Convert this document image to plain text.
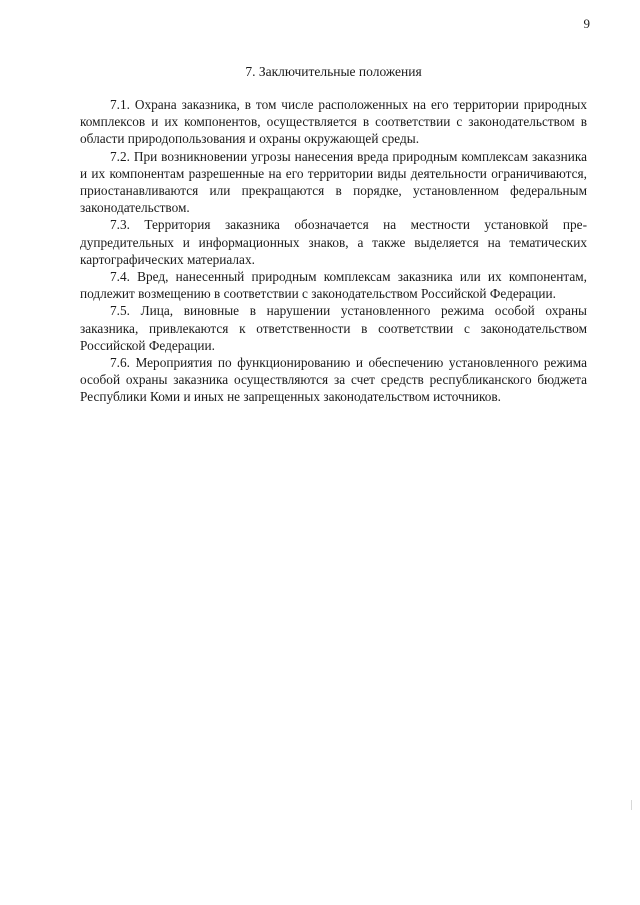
9
7. Заключительные положения

7.1. Охрана заказника, в том числе расположенных на его территории природных комплексов и их компонентов, осуществляется в соответствии с законодательством в области природопользования и охраны окружающей среды.

7.2. При возникновении угрозы нанесения вреда природным комплексам заказника и их компонентам разрешенные на его территории виды деятельности ограничиваются, приостанавливаются или прекращаются в порядке, установленном федеральным законодательством.

7.3. Территория заказника обозначается на местности установкой предупредительных и информационных знаков, а также выделяется на тематических картографических материалах.

7.4. Вред, нанесенный природным комплексам заказника или их компонентам, подлежит возмещению в соответствии с законодательством Российской Федерации.

7.5. Лица, виновные в нарушении установленного режима особой охраны заказника, привлекаются к ответственности в соответствии с законодательством Российской Федерации.

7.6. Мероприятия по функционированию и обеспечению установленного режима особой охраны заказника осуществляются за счет средств республиканского бюджета Республики Коми и иных не запрещенных законодательством источников.
